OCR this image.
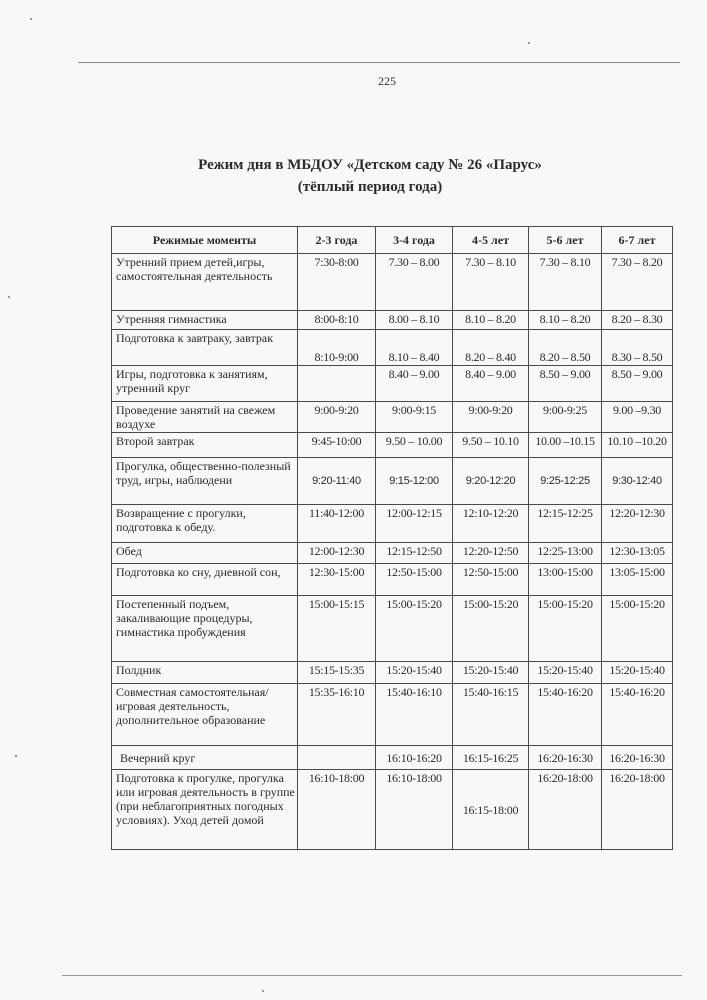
225
Режим дня в МБДОУ «Детском саду № 26 «Парус»
(тёплый период года)
Режимые моменты	2-3 года	3-4 года	4-5 лет	5-6 лет	6-7 лет
Утренний прием детей,игры, самостоятельная деятельность	7:30-8:00	7.30 – 8.00	7.30 – 8.10	7.30 – 8.10	7.30 – 8.20
Утренняя гимнастика	8:00-8:10	8.00 – 8.10	8.10 – 8.20	8.10 – 8.20	8.20 – 8.30
Подготовка к завтраку, завтрак	8:10-9:00	8.10 – 8.40	8.20 – 8.40	8.20 – 8.50	8.30 – 8.50
Игры, подготовка к занятиям, утренний круг		8.40 – 9.00	8.40 – 9.00	8.50 – 9.00	8.50 – 9.00
Проведение занятий на свежем воздухе	9:00-9:20	9:00-9:15	9:00-9:20	9:00-9:25	9.00 –9.30
Второй завтрак	9:45-10:00	9.50 – 10.00	9.50 – 10.10	10.00 –10.15	10.10 –10.20
Прогулка, общественно-полезный труд, игры, наблюдени	9:20-11:40	9:15-12:00	9:20-12:20	9:25-12:25	9:30-12:40
Возвращение с прогулки, подготовка к обеду.	11:40-12:00	12:00-12:15	12:10-12:20	12:15-12:25	12:20-12:30
Обед	12:00-12:30	12:15-12:50	12:20-12:50	12:25-13:00	12:30-13:05
Подготовка ко сну, дневной сон,	12:30-15:00	12:50-15:00	12:50-15:00	13:00-15:00	13:05-15:00
Постепенный подъем, закаливающие процедуры, гимнастика пробуждения	15:00-15:15	15:00-15:20	15:00-15:20	15:00-15:20	15:00-15:20
Полдник	15:15-15:35	15:20-15:40	15:20-15:40	15:20-15:40	15:20-15:40
Совместная самостоятельная/игровая деятельность, дополнительное образование	15:35-16:10	15:40-16:10	15:40-16:15	15:40-16:20	15:40-16:20
Вечерний круг		16:10-16:20	16:15-16:25	16:20-16:30	16:20-16:30
Подготовка к прогулке, прогулка или игровая деятельность в группе (при неблагоприятных погодных условиях). Уход детей домой	16:10-18:00	16:10-18:00	16:15-18:00	16:20-18:00	16:20-18:00
